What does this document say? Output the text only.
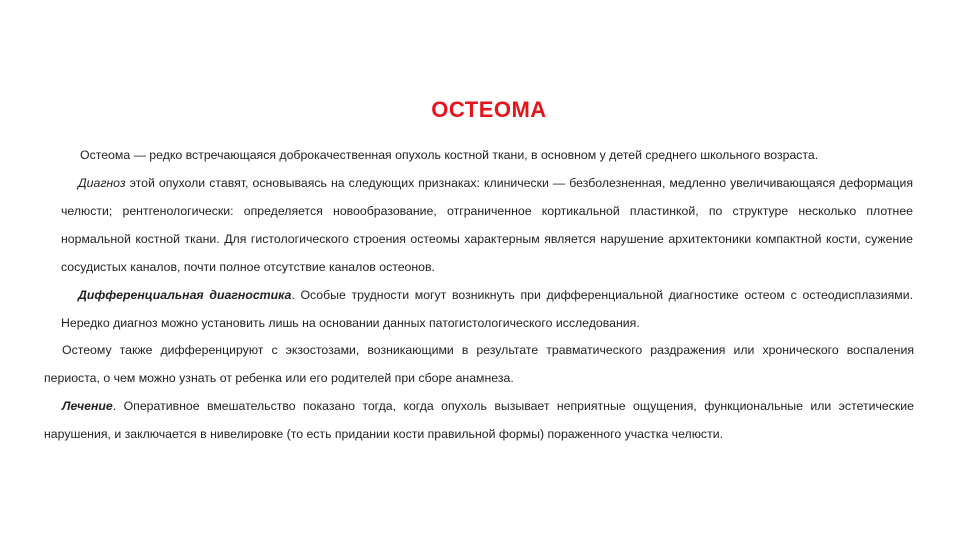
ОСТЕОМА

Остеома — редко встречающаяся доброкачественная опухоль костной ткани, в основном у детей среднего школьного возраста.

Диагноз этой опухоли ставят, основываясь на следующих признаках: клинически — безболезненная, медленно увеличивающаяся деформация челюсти; рентгенологически: определяется новообразование, отграниченное кортикальной пластинкой, по структуре несколько плотнее нормальной костной ткани. Для гистологического строения остеомы характерным является нарушение архитектоники компактной кости, сужение сосудистых каналов, почти полное отсутствие каналов остеонов.

Дифференциальная диагностика. Особые трудности могут возникнуть при дифференциальной диагностике остеом с остеодисплазиями. Нередко диагноз можно установить лишь на основании данных патогистологического исследования.

Остеому также дифференцируют с экзостозами, возникающими в результате травматического раздражения или хронического воспаления периоста, о чем можно узнать от ребенка или его родителей при сборе анамнеза.

Лечение. Оперативное вмешательство показано тогда, когда опухоль вызывает неприятные ощущения, функциональные или эстетические нарушения, и заключается в нивелировке (то есть придании кости правильной формы) пораженного участка челюсти.
